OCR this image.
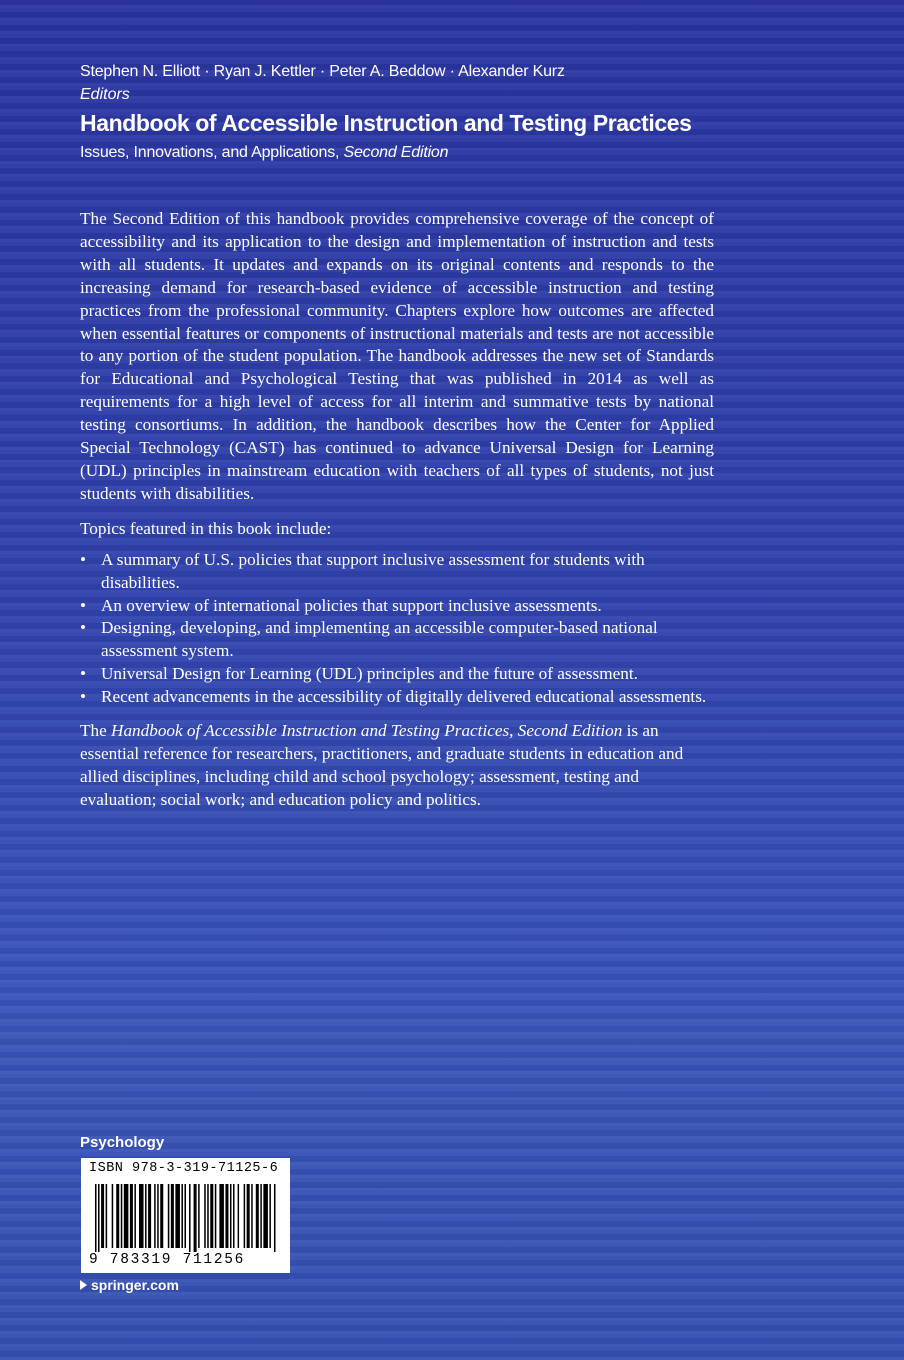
Stephen N. Elliott · Ryan J. Kettler · Peter A. Beddow · Alexander Kurz
Editors
Handbook of Accessible Instruction and Testing Practices
Issues, Innovations, and Applications, Second Edition

The Second Edition of this handbook provides comprehensive coverage of the concept of accessibility and its application to the design and implementation of instruction and tests with all students. It updates and expands on its original contents and responds to the increasing demand for research-based evidence of accessible instruction and testing practices from the professional community. Chapters explore how outcomes are affected when essential features or components of instructional materials and tests are not accessible to any portion of the student population. The handbook addresses the new set of Standards for Educational and Psychological Testing that was published in 2014 as well as requirements for a high level of access for all interim and summative tests by national testing consortiums. In addition, the handbook describes how the Center for Applied Special Technology (CAST) has continued to advance Universal Design for Learning (UDL) principles in mainstream education with teachers of all types of students, not just students with disabilities.

Topics featured in this book include:

• A summary of U.S. policies that support inclusive assessment for students with disabilities.
• An overview of international policies that support inclusive assessments.
• Designing, developing, and implementing an accessible computer-based national assessment system.
• Universal Design for Learning (UDL) principles and the future of assessment.
• Recent advancements in the accessibility of digitally delivered educational assessments.

The Handbook of Accessible Instruction and Testing Practices, Second Edition is an essential reference for researchers, practitioners, and graduate students in education and allied disciplines, including child and school psychology; assessment, testing and evaluation; social work; and education policy and politics.

Psychology
ISBN 978-3-319-71125-6
9 783319 711256
springer.com
